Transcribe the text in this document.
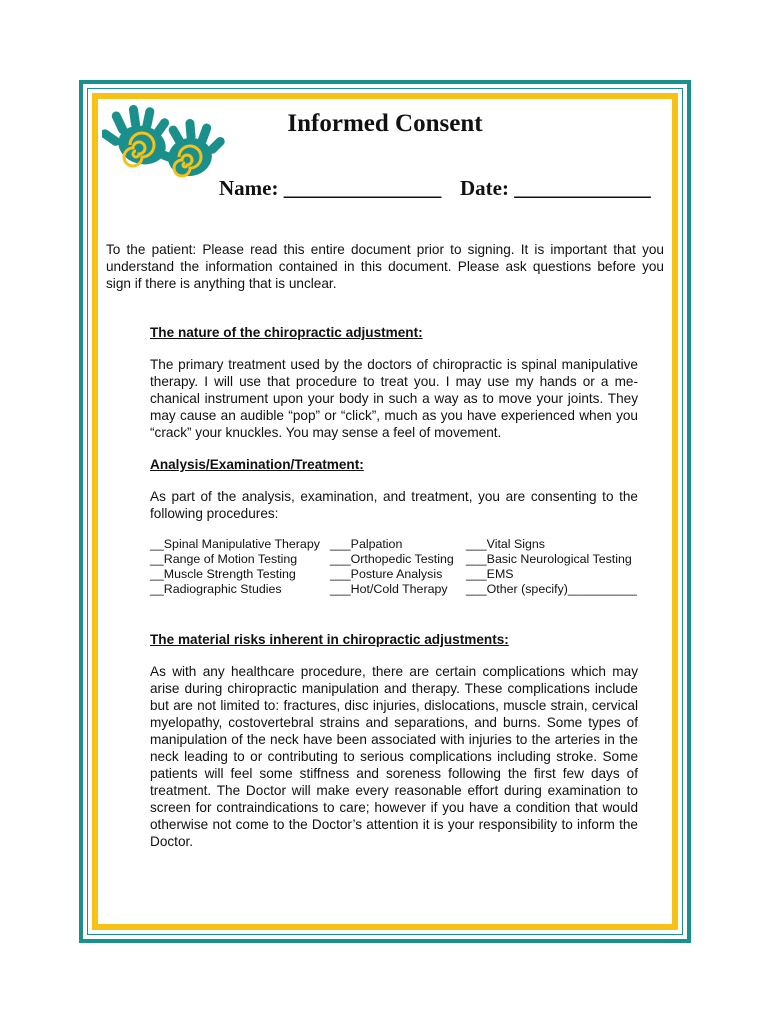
Informed Consent
Name: _______________ Date: _____________
To the patient: Please read this entire document prior to signing. It is important that you understand the information contained in this document. Please ask questions before you sign if there is anything that is unclear.
The nature of the chiropractic adjustment:
The primary treatment used by the doctors of chiropractic is spinal manipulative therapy. I will use that procedure to treat you. I may use my hands or a mechanical instrument upon your body in such a way as to move your joints. They may cause an audible “pop” or “click”, much as you have experienced when you “crack” your knuckles. You may sense a feel of movement.
Analysis/Examination/Treatment:
As part of the analysis, examination, and treatment, you are consenting to the following procedures:
__Spinal Manipulative Therapy
__Range of Motion Testing
__Muscle Strength Testing
__Radiographic Studies
___Palpation
___Orthopedic Testing
___Posture Analysis
___Hot/Cold Therapy
___Vital Signs
___Basic Neurological Testing
___EMS
___Other (specify)__________
The material risks inherent in chiropractic adjustments:
As with any healthcare procedure, there are certain complications which may arise during chiropractic manipulation and therapy. These complications include but are not limited to: fractures, disc injuries, dislocations, muscle strain, cervical myelopathy, costovertebral strains and separations, and burns. Some types of manipulation of the neck have been associated with injuries to the arteries in the neck leading to or contributing to serious complications including stroke. Some patients will feel some stiffness and soreness following the first few days of treatment. The Doctor will make every reasonable effort during examination to screen for contraindications to care; however if you have a condition that would otherwise not come to the Doctor’s attention it is your responsibility to inform the Doctor.
